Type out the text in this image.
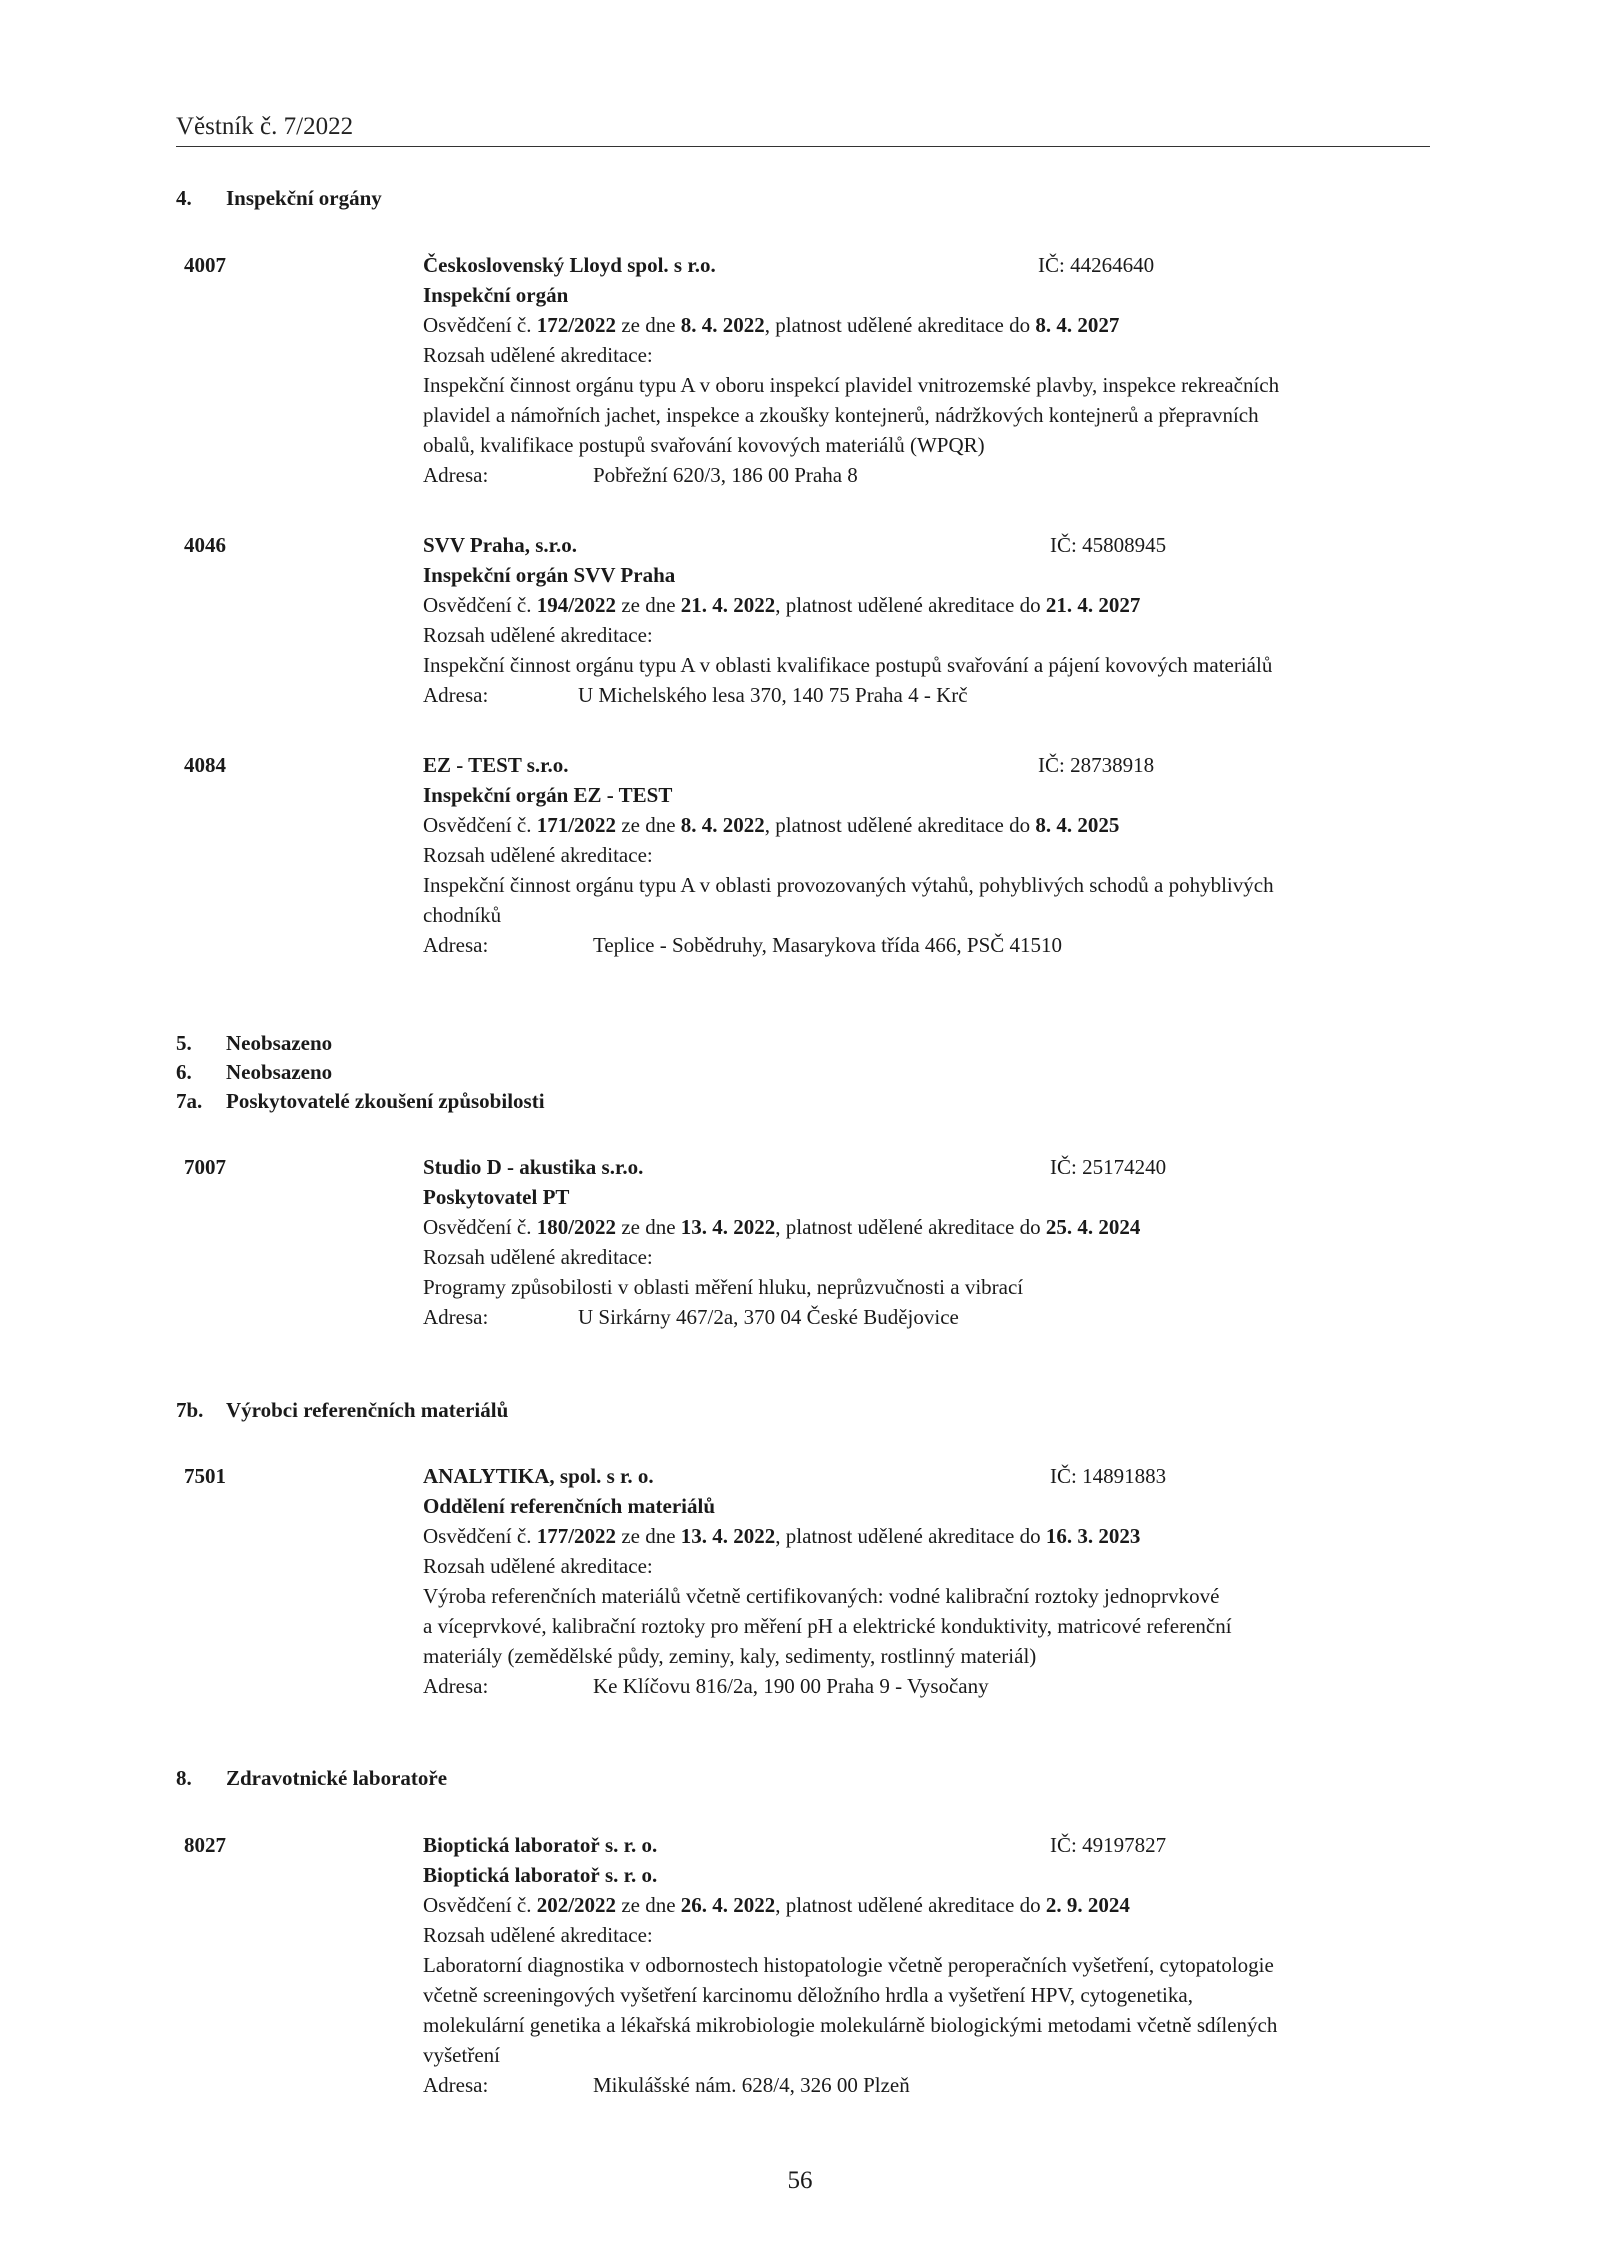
Věstník č. 7/2022
4. Inspekční orgány
4007	Československý Lloyd spol. s r.o.	IČ: 44264640
Inspekční orgán
Osvědčení č. 172/2022 ze dne 8. 4. 2022, platnost udělené akreditace do 8. 4. 2027
Rozsah udělené akreditace:
Inspekční činnost orgánu typu A v oboru inspekcí plavidel vnitrozemské plavby, inspekce rekreačních
plavidel a námořních jachet, inspekce a zkoušky kontejnerů, nádržkových kontejnerů a přepravních
obalů, kvalifikace postupů svařování kovových materiálů (WPQR)
Adresa:	Pobřežní 620/3, 186 00 Praha 8
4046	SVV Praha, s.r.o.	IČ: 45808945
Inspekční orgán SVV Praha
Osvědčení č. 194/2022 ze dne 21. 4. 2022, platnost udělené akreditace do 21. 4. 2027
Rozsah udělené akreditace:
Inspekční činnost orgánu typu A v oblasti kvalifikace postupů svařování a pájení kovových materiálů
Adresa:	U Michelského lesa 370, 140 75 Praha 4 - Krč
4084	EZ - TEST s.r.o.	IČ: 28738918
Inspekční orgán EZ - TEST
Osvědčení č. 171/2022 ze dne 8. 4. 2022, platnost udělené akreditace do 8. 4. 2025
Rozsah udělené akreditace:
Inspekční činnost orgánu typu A v oblasti provozovaných výtahů, pohyblivých schodů a pohyblivých
chodníků
Adresa:	Teplice - Sobědruhy, Masarykova třída 466, PSČ 41510
5. Neobsazeno
6. Neobsazeno
7a. Poskytovatelé zkoušení způsobilosti
7007	Studio D - akustika s.r.o.	IČ: 25174240
Poskytovatel PT
Osvědčení č. 180/2022 ze dne 13. 4. 2022, platnost udělené akreditace do 25. 4. 2024
Rozsah udělené akreditace:
Programy způsobilosti v oblasti měření hluku, neprůzvučnosti a vibrací
Adresa:	U Sirkárny 467/2a, 370 04 České Budějovice
7b. Výrobci referenčních materiálů
7501	ANALYTIKA, spol. s r. o.	IČ: 14891883
Oddělení referenčních materiálů
Osvědčení č. 177/2022 ze dne 13. 4. 2022, platnost udělené akreditace do 16. 3. 2023
Rozsah udělené akreditace:
Výroba referenčních materiálů včetně certifikovaných: vodné kalibrační roztoky jednoprvkové
a víceprvkové, kalibrační roztoky pro měření pH a elektrické konduktivity, matricové referenční
materiály (zemědělské půdy, zeminy, kaly, sedimenty, rostlinný materiál)
Adresa:	Ke Klíčovu 816/2a, 190 00 Praha 9 - Vysočany
8. Zdravotnické laboratoře
8027	Bioptická laboratoř s. r. o.	IČ: 49197827
Bioptická laboratoř s. r. o.
Osvědčení č. 202/2022 ze dne 26. 4. 2022, platnost udělené akreditace do 2. 9. 2024
Rozsah udělené akreditace:
Laboratorní diagnostika v odbornostech histopatologie včetně peroperačních vyšetření, cytopatologie
včetně screeningových vyšetření karcinomu děložního hrdla a vyšetření HPV, cytogenetika,
molekulární genetika a lékařská mikrobiologie molekulárně biologickými metodami včetně sdílených
vyšetření
Adresa:	Mikulášské nám. 628/4, 326 00 Plzeň
56
